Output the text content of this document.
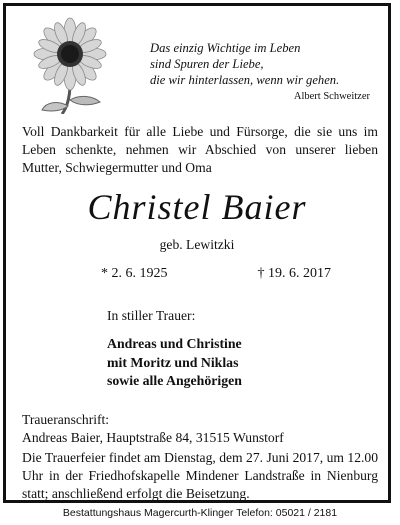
Das einzig Wichtige im Leben
sind Spuren der Liebe,
die wir hinterlassen, wenn wir gehen.
Albert Schweitzer
Voll Dankbarkeit für alle Liebe und Fürsorge, die sie uns im Leben schenkte, nehmen wir Abschied von unserer lieben Mutter, Schwiegermutter und Oma
Christel Baier
geb. Lewitzki
* 2. 6. 1925	† 19. 6. 2017
In stiller Trauer:
Andreas und Christine
mit Moritz und Niklas
sowie alle Angehörigen
Traueranschrift:
Andreas Baier, Hauptstraße 84, 31515 Wunstorf
Die Trauerfeier findet am Dienstag, dem 27. Juni 2017, um 12.00 Uhr in der Friedhofskapelle Mindener Landstraße in Nienburg statt; anschließend erfolgt die Beisetzung.
Bestattungshaus Magercurth-Klinger Telefon: 05021 / 2181
